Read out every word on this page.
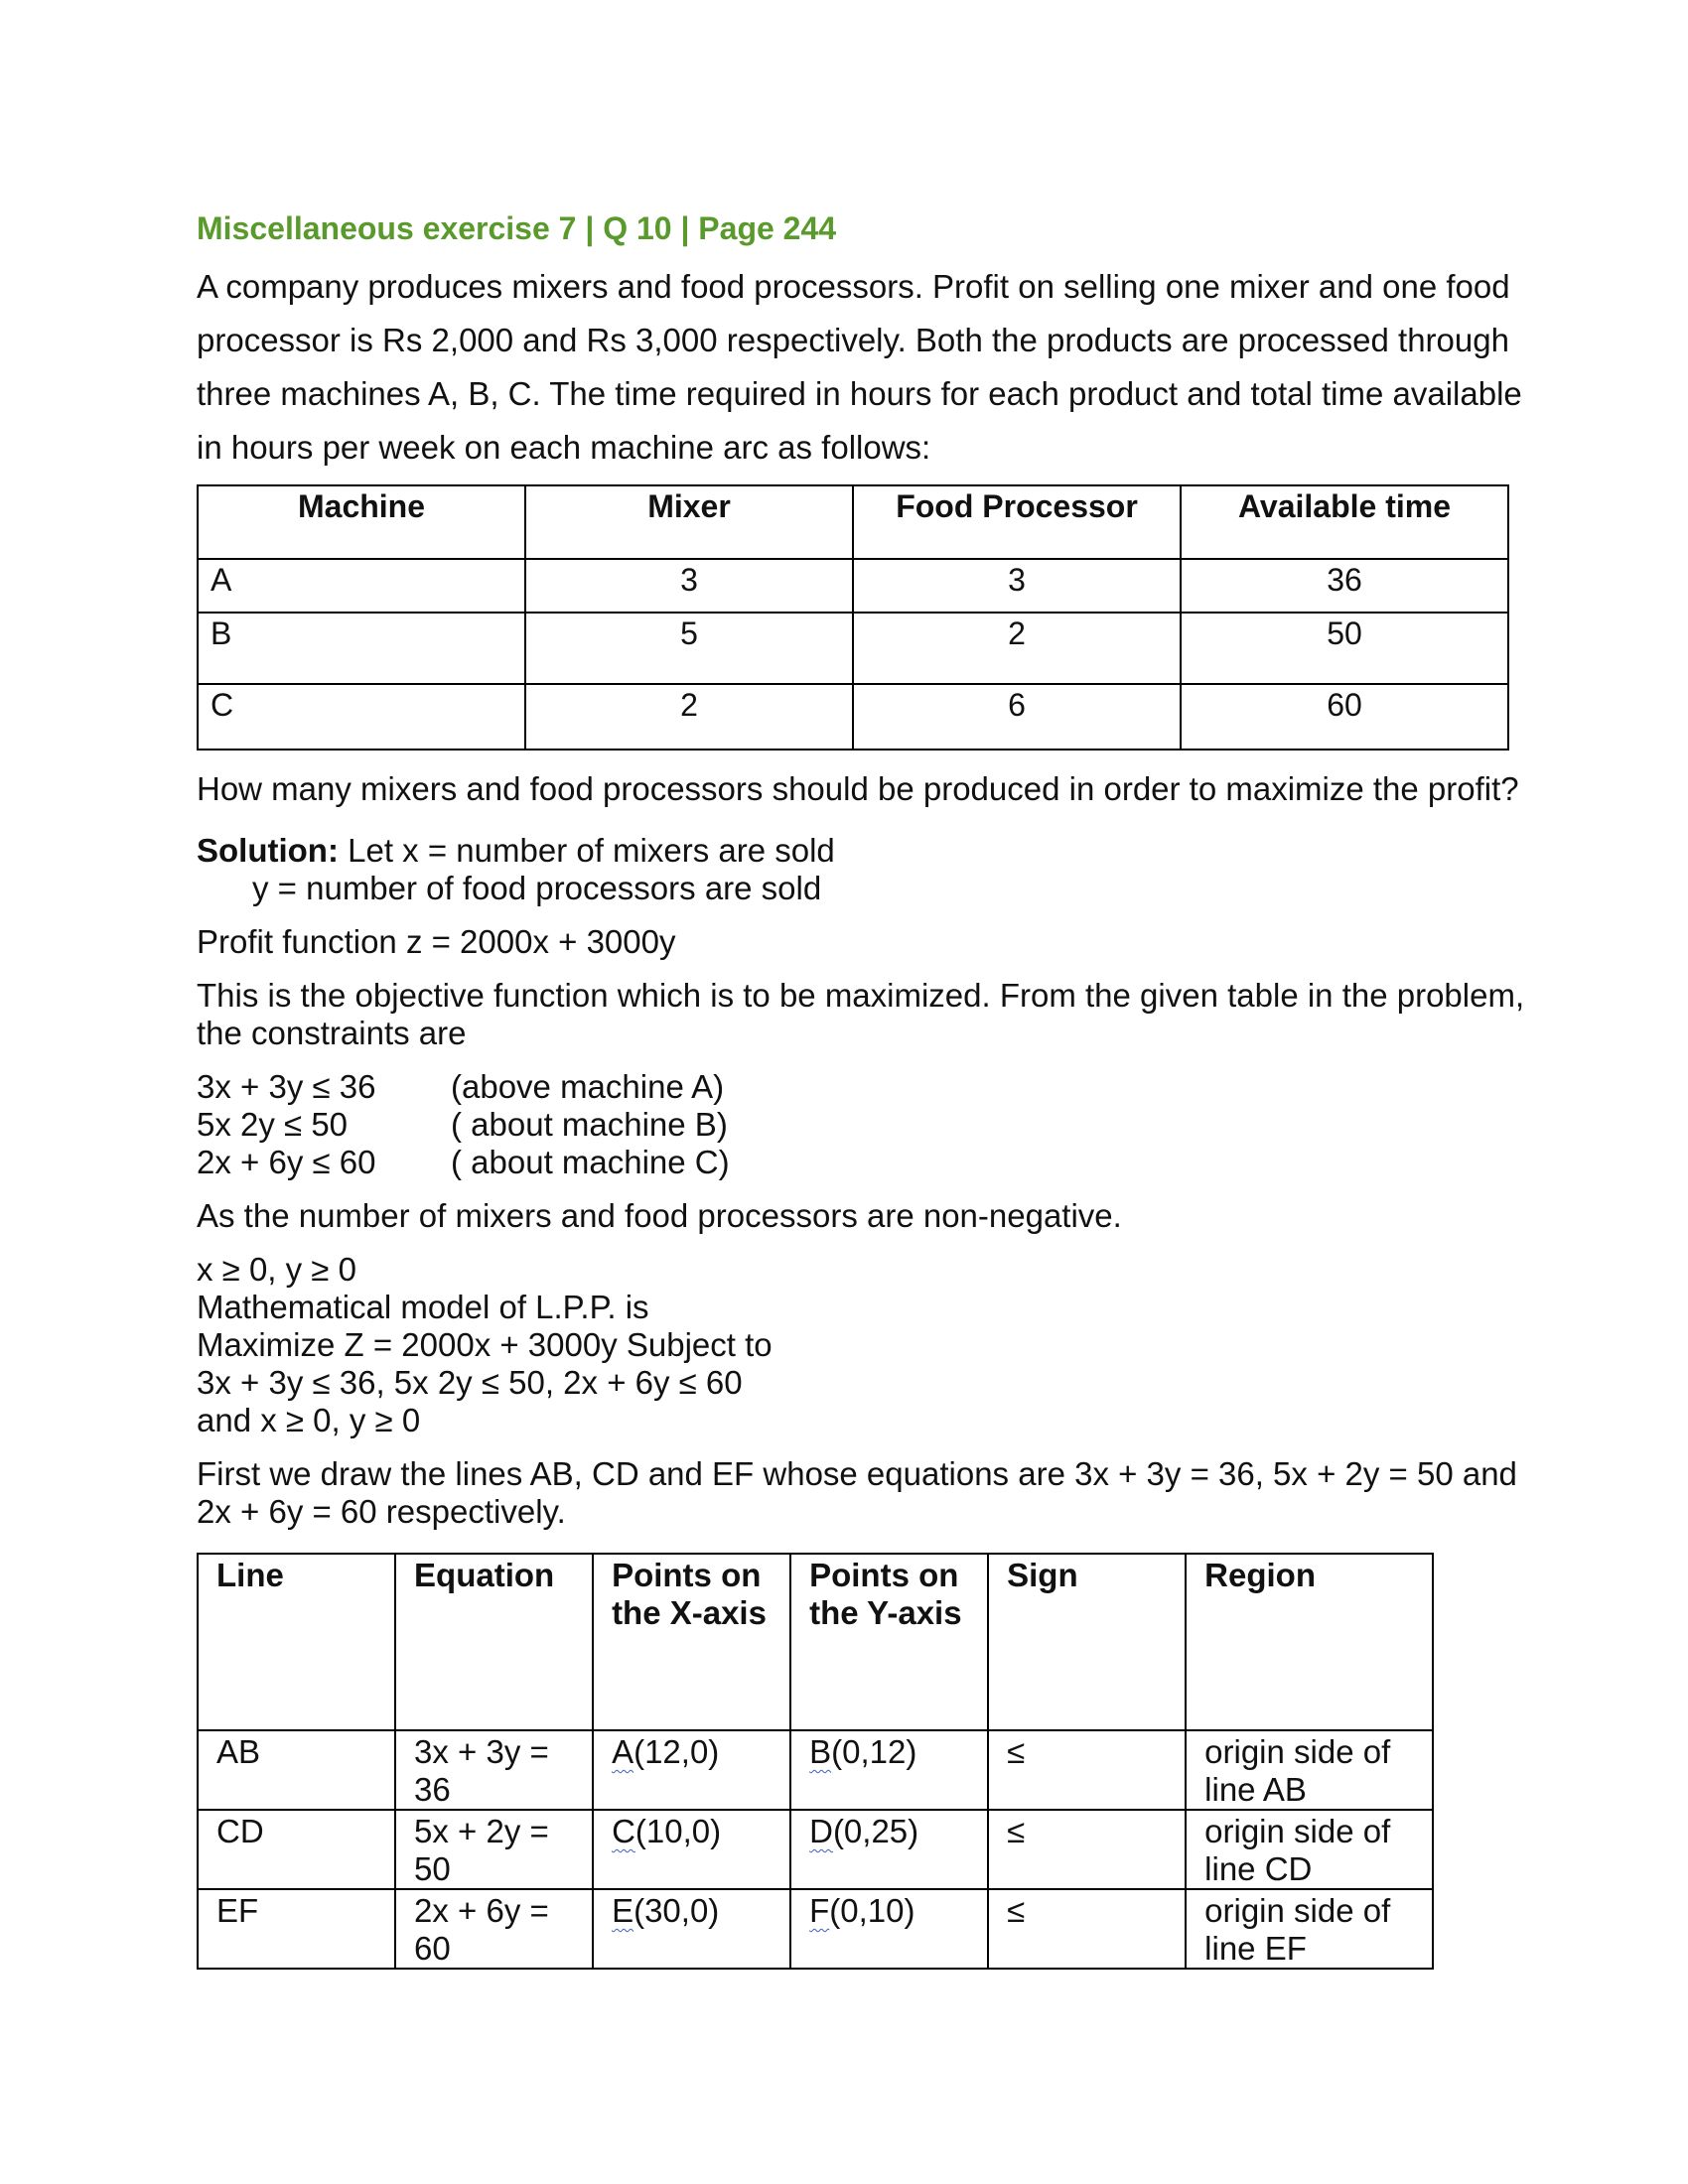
Miscellaneous exercise 7 | Q 10 | Page 244

A company produces mixers and food processors. Profit on selling one mixer and one food processor is Rs 2,000 and Rs 3,000 respectively. Both the products are processed through three machines A, B, C. The time required in hours for each product and total time available in hours per week on each machine arc as follows:

Machine	Mixer	Food Processor	Available time
A	3	3	36
B	5	2	50
C	2	6	60

How many mixers and food processors should be produced in order to maximize the profit?

Solution: Let x = number of mixers are sold
y = number of food processors are sold
Profit function z = 2000x + 3000y
This is the objective function which is to be maximized. From the given table in the problem, the constraints are
3x + 3y ≤ 36	(above machine A)
5x 2y ≤ 50	( about machine B)
2x + 6y ≤ 60	( about machine C)
As the number of mixers and food processors are non-negative.
x ≥ 0, y ≥ 0
Mathematical model of L.P.P. is
Maximize Z = 2000x + 3000y Subject to
3x + 3y ≤ 36, 5x 2y ≤ 50, 2x + 6y ≤ 60
and x ≥ 0, y ≥ 0
First we draw the lines AB, CD and EF whose equations are 3x + 3y = 36, 5x + 2y = 50 and 2x + 6y = 60 respectively.
Line	Equation	Points on the X-axis	Points on the Y-axis	Sign	Region
AB	3x + 3y = 36	A(12,0)	B(0,12)	≤	origin side of line AB
CD	5x + 2y = 50	C(10,0)	D(0,25)	≤	origin side of line CD
EF	2x + 6y = 60	E(30,0)	F(0,10)	≤	origin side of line EF
